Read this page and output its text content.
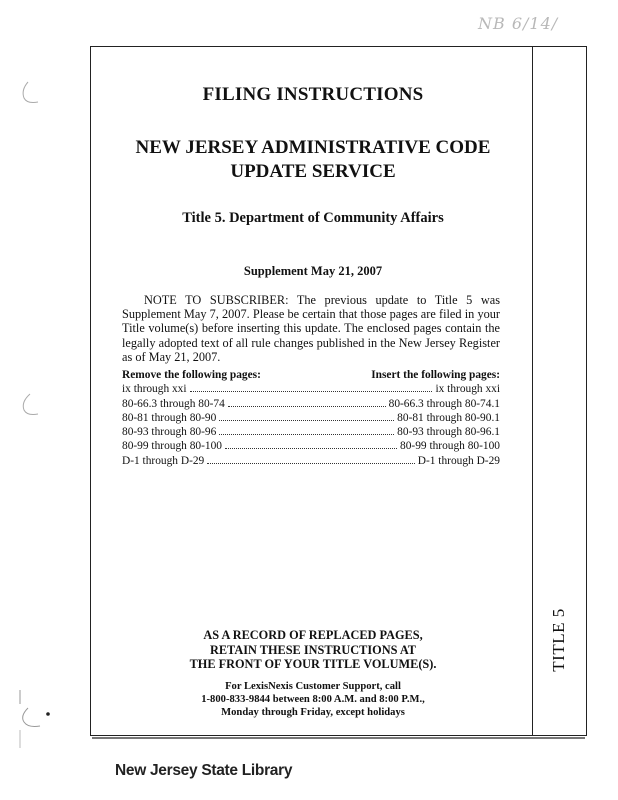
NB 6/14/
TITLE 5
FILING INSTRUCTIONS
NEW JERSEY ADMINISTRATIVE CODE
UPDATE SERVICE
Title 5. Department of Community Affairs
Supplement May 21, 2007
NOTE TO SUBSCRIBER: The previous update to Title 5 was Supplement May 7, 2007. Please be certain that those pages are filed in your Title volume(s) before inserting this update. The enclosed pages contain the legally adopted text of all rule changes published in the New Jersey Register as of May 21, 2007.
Remove the following pages:	Insert the following pages:
ix through xxi	ix through xxi
80-66.3 through 80-74	80-66.3 through 80-74.1
80-81 through 80-90	80-81 through 80-90.1
80-93 through 80-96	80-93 through 80-96.1
80-99 through 80-100	80-99 through 80-100
D-1 through D-29	D-1 through D-29
AS A RECORD OF REPLACED PAGES,
RETAIN THESE INSTRUCTIONS AT
THE FRONT OF YOUR TITLE VOLUME(S).
For LexisNexis Customer Support, call
1-800-833-9844 between 8:00 A.M. and 8:00 P.M.,
Monday through Friday, except holidays
New Jersey State Library
